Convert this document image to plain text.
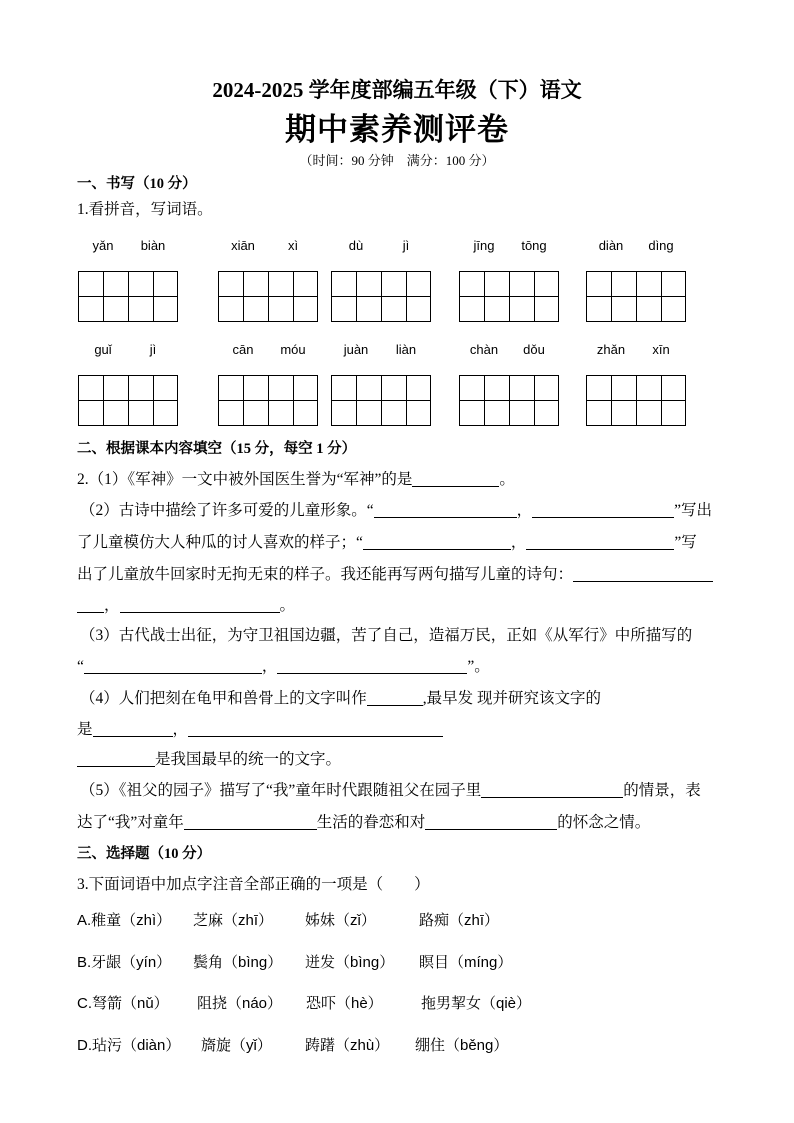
2024-2025 学年度部编五年级（下）语文
期中素养测评卷
（时间：90 分钟　满分：100 分）
一、书写（10 分）
1.看拼音，写词语。
yǎn	biàn	xiān	xì	dù	jì	jīng	tōng	diàn	dìng
guǐ	jì	cān	móu	juàn	liàn	chàn	dǒu	zhǎn	xīn
二、根据课本内容填空（15 分，每空 1 分）
2.（1）《军神》一文中被外国医生誉为“军神”的是	。
（2）古诗中描绘了许多可爱的儿童形象。“	，	”写出
了儿童模仿大人种瓜的讨人喜欢的样子；“	，	”写
出了儿童放牛回家时无拘无束的样子。我还能再写两句描写儿童的诗句：
，	。
（3）古代战士出征，为守卫祖国边疆，苦了自己，造福万民，正如《从军行》中所描写的
“	，	”。
（4）人们把刻在龟甲和兽骨上的文字叫作	,最早发 现并研究该文字的
是	，
是我国最早的统一的文字。
（5）《祖父的园子》描写了“我”童年时代跟随祖父在园子里	的情景，表
达了“我”对童年	生活的眷恋和对	的怀念之情。
三、选择题（10 分）
3.下面词语中加点字注音全部正确的一项是（　　）
A.稚童（zhì） 芝麻（zhī） 姊妹（zǐ）	路痴（zhī）
B.牙龈（yín） 鬓角（bìng） 迸发（bìng） 瞑目（míng）
C.弩箭（nǔ） 阻挠（náo） 恐吓（hè）	拖男挈女（qiè）
D.玷污（diàn） 旖旋（yǐ） 踌躇（zhù） 绷住（běng）
